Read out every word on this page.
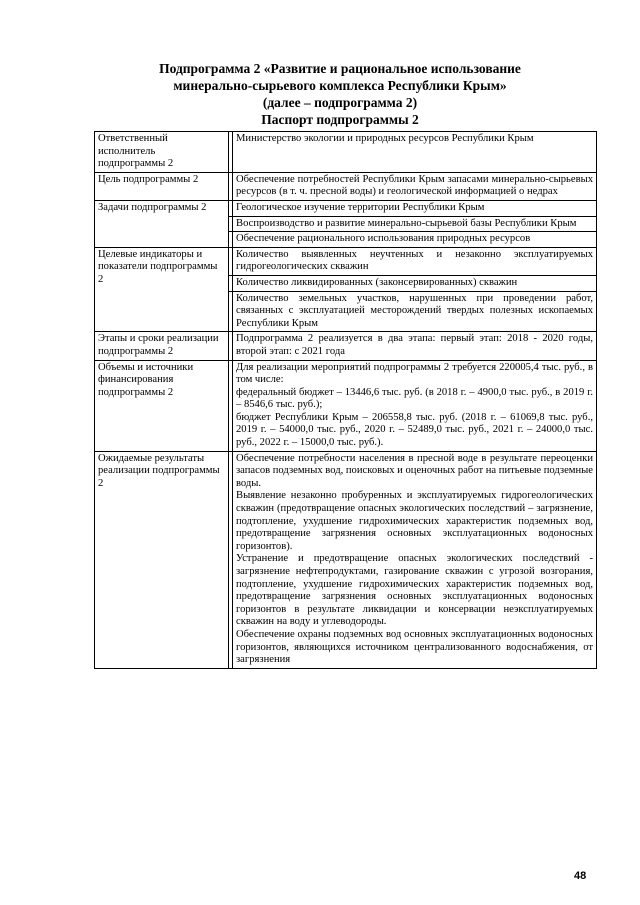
Подпрограмма 2 «Развитие и рациональное использование
минерально-сырьевого комплекса Республики Крым»
(далее – подпрограмма 2)
Паспорт подпрограммы 2
Ответственный исполнитель подпрограммы 2		Министерство экологии и природных ресурсов Республики Крым
Цель подпрограммы 2		Обеспечение потребностей Республики Крым запасами минерально-сырьевых ресурсов (в т. ч. пресной воды) и геологической информацией о недрах
Задачи подпрограммы 2		Геологическое изучение территории Республики Крым
		Воспроизводство и развитие минерально-сырьевой базы Республики Крым
		Обеспечение рационального использования природных ресурсов
Целевые индикаторы и показатели подпрограммы 2		Количество выявленных неучтенных и незаконно эксплуатируемых гидрогеологических скважин
		Количество ликвидированных (законсервированных) скважин
		Количество земельных участков, нарушенных при проведении работ, связанных с эксплуатацией месторождений твердых полезных ископаемых Республики Крым
Этапы и сроки реализации подпрограммы 2		Подпрограмма 2 реализуется в два этапа: первый этап: 2018 - 2020 годы, второй этап: с 2021 года
Объемы и источники финансирования подпрограммы 2		Для реализации мероприятий подпрограммы 2 требуется 220005,4 тыс. руб., в том числе:
федеральный бюджет – 13446,6 тыс. руб. (в 2018 г. – 4900,0 тыс. руб., в 2019 г. – 8546,6 тыс. руб.);
бюджет Республики Крым – 206558,8 тыс. руб. (2018 г. – 61069,8 тыс. руб., 2019 г. – 54000,0 тыс. руб., 2020 г. – 52489,0 тыс. руб., 2021 г. – 24000,0 тыс. руб., 2022 г. – 15000,0 тыс. руб.).

Ожидаемые результаты реализации подпрограммы 2		Обеспечение потребности населения в пресной воде в результате переоценки запасов подземных вод, поисковых и оценочных работ на питьевые подземные воды.
Выявление незаконно пробуренных и эксплуатируемых гидрогеологических скважин (предотвращение опасных экологических последствий – загрязнение, подтопление, ухудшение гидрохимических характеристик подземных вод, предотвращение загрязнения основных эксплуатационных водоносных горизонтов).
Устранение и предотвращение опасных экологических последствий - загрязнение нефтепродуктами, газирование скважин с угрозой возгорания, подтопление, ухудшение гидрохимических характеристик подземных вод, предотвращение загрязнения основных эксплуатационных водоносных горизонтов в результате ликвидации и консервации неэксплуатируемых скважин на воду и углеводороды.
Обеспечение охраны подземных вод основных эксплуатационных водоносных горизонтов, являющихся источником централизованного водоснабжения, от загрязнения
48
